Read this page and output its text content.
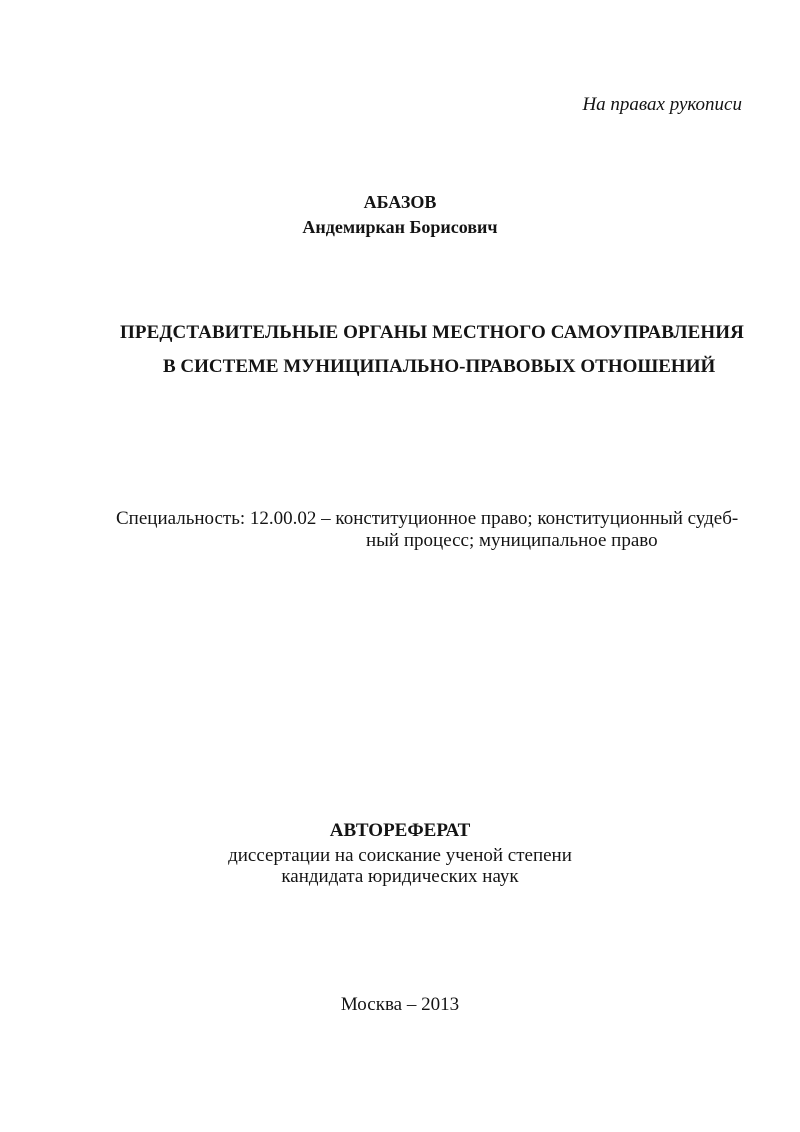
На правах рукописи
АБАЗОВ
Андемиркан Борисович
ПРЕДСТАВИТЕЛЬНЫЕ ОРГАНЫ МЕСТНОГО САМОУПРАВЛЕНИЯ
В СИСТЕМЕ МУНИЦИПАЛЬНО-ПРАВОВЫХ ОТНОШЕНИЙ
Специальность: 12.00.02 – конституционное право; конституционный судеб-
ный процесс; муниципальное право
АВТОРЕФЕРАТ
диссертации на соискание ученой степени
кандидата юридических наук
Москва – 2013
